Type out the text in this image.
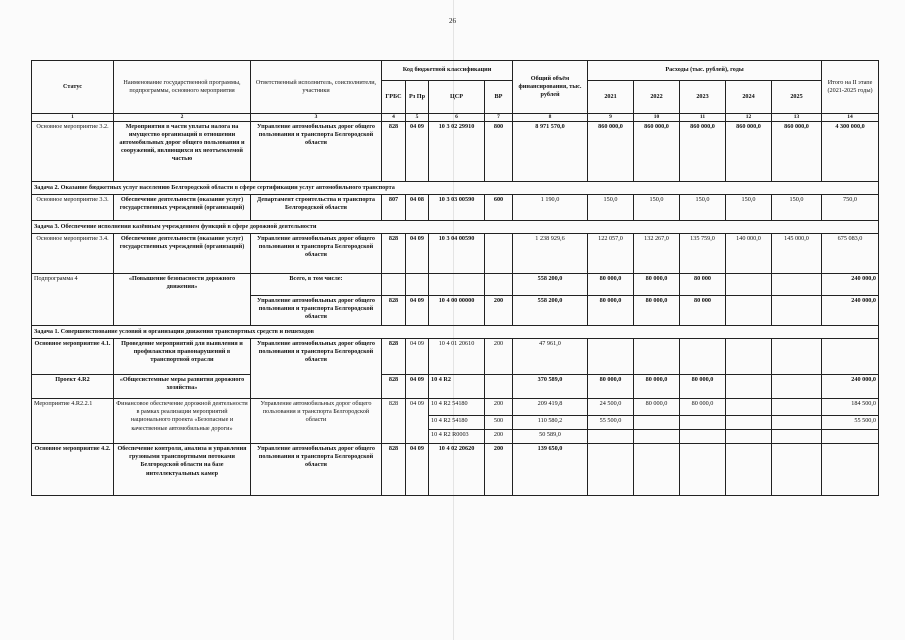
26
Статус	Наименование государственной программы, подпрограммы, основного мероприятия	Ответственный исполнитель, соисполнители, участники	Код бюджетной классификации				Общий объём финансирования, тыс. рублей	Расходы (тыс. рублей), годы					Итого на II этапе (2021-2025 годы)
			ГРБС	Рз Пр	ЦСР	ВР		2021	2022	2023	2024	2025	
1	2	3	4	5	6	7	8	9	10	11	12	13	14
Основное мероприятие 3.2.	Мероприятия в части уплаты налога на имущество организаций в отношении автомобильных дорог общего пользования и сооружений, являющихся их неотъемлемой частью	Управление автомобильных дорог общего пользования и транспорта Белгородской области	828	04 09	10 3 02 29910	800	8 971 570,0	860 000,0	860 000,0	860 000,0	860 000,0	860 000,0	4 300 000,0
Задача 2. Оказание бюджетных услуг населению Белгородской области в сфере сертификации услуг автомобильного транспорта													
Основное мероприятие 3.3.	Обеспечение деятельности (оказание услуг) государственных учреждений (организаций)	Департамент строительства и транспорта Белгородской области	807	04 08	10 3 03 00590	600	1 190,0	150,0	150,0	150,0	150,0	150,0	750,0
Задача 3. Обеспечение исполнения казённым учреждением функций в сфере дорожной деятельности													
Основное мероприятие 3.4.	Обеспечение деятельности (оказание услуг) государственных учреждений (организаций)	Управление автомобильных дорог общего пользования и транспорта Белгородской области	828	04 09	10 3 04 00590		1 238 929,6	122 057,0	132 267,0	135 759,0	140 000,0	145 000,0	675 083,0
Подпрограмма 4	«Повышение безопасности дорожного движения»	Всего, в том числе:					558 200,0	80 000,0	80 000,0	80 000			240 000,0
		Управление автомобильных дорог общего пользования и транспорта Белгородской области	828	04 09	10 4 00 00000	200	558 200,0	80 000,0	80 000,0	80 000			240 000,0
Задача 1. Совершенствование условий и организации движения транспортных средств и пешеходов													
Основное мероприятие 4.1.	Проведение мероприятий для выявления и профилактики правонарушений в транспортной отрасли	Управление автомобильных дорог общего пользования и транспорта Белгородской области	828	04 09	10 4 01 20610	200	47 961,0						
Проект 4.R2	«Общесистемные меры развития дорожного хозяйства»		828	04 09	10 4 R2		370 589,0	80 000,0	80 000,0	80 000,0			240 000,0
Мероприятие 4.R2.2.1	Финансовое обеспечение дорожной деятельности в рамках реализации мероприятий национального проекта «Безопасные и качественные автомобильные дороги»	Управление автомобильных дорог общего пользования и транспорта Белгородской области	828	04 09	10 4 R2 54180	200	209 419,8	24 500,0	80 000,0	80 000,0			184 500,0
					10 4 R2 54180	500	110 580,2	55 500,0					55 500,0
					10 4 R2 R0003	200	50 589,0						
Основное мероприятие 4.2.	Обеспечение контроля, анализа и управления грузовыми транспортными потоками Белгородской области на базе интеллектуальных камер	Управление автомобильных дорог общего пользования и транспорта Белгородской области	828	04 09	10 4 02 20620	200	139 650,0						
